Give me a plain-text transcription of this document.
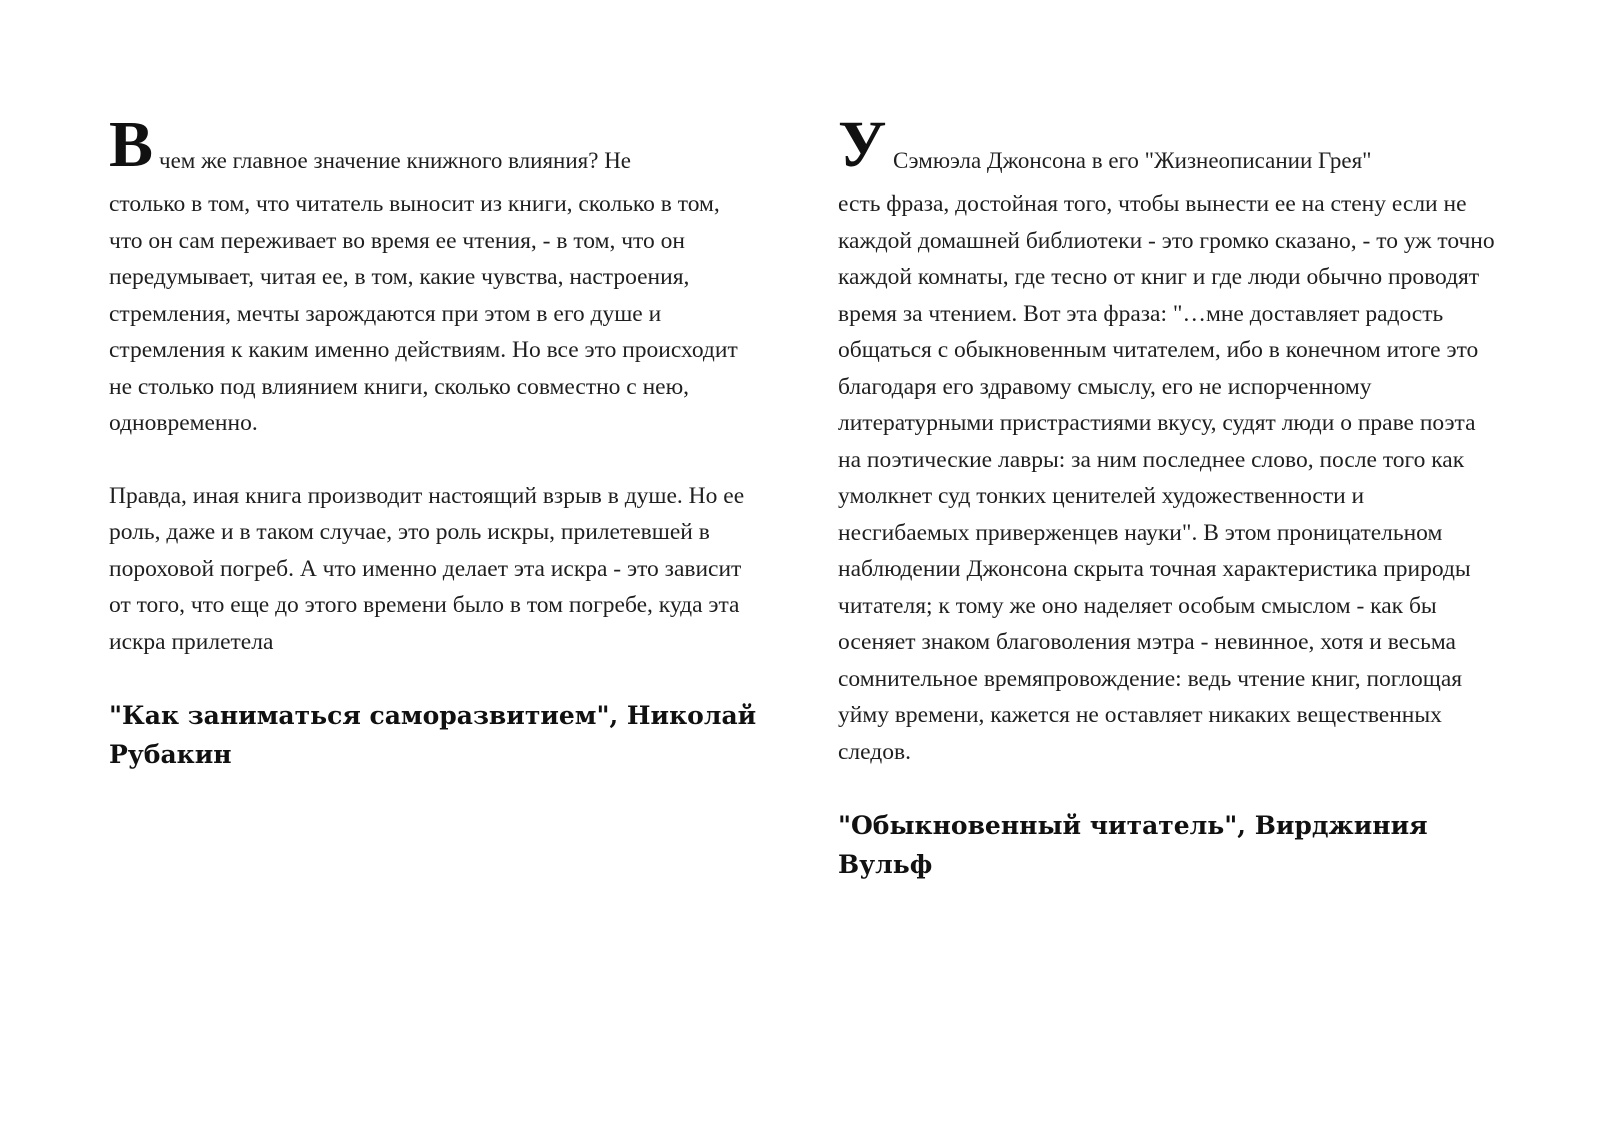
В чем же главное значение книжного влияния? Не

столько в том, что читатель выносит из книги, сколько в том, что он сам переживает во время ее чтения, - в том, что он передумывает, читая ее, в том, какие чувства, настроения, стремления, мечты зарождаются при этом в его душе и стремления к каким именно действиям. Но все это происходит не столько под влиянием книги, сколько совместно с нею, одновременно.

Правда, иная книга производит настоящий взрыв в душе. Но ее роль, даже и в таком случае, это роль искры, прилетевшей в пороховой погреб. А что именно делает эта искра - это зависит от того, что еще до этого времени было в том погребе, куда эта искра прилетела

"Как заниматься саморазвитием", Николай Рубакин

У Сэмюэла Джонсона в его "Жизнеописании Грея"

есть фраза, достойная того, чтобы вынести ее на стену если не каждой домашней библиотеки - это громко сказано, - то уж точно каждой комнаты, где тесно от книг и где люди обычно проводят время за чтением. Вот эта фраза: "…мне доставляет радость общаться с обыкновенным читателем, ибо в конечном итоге это благодаря его здравому смыслу, его не испорченному литературными пристрастиями вкусу, судят люди о праве поэта на поэтические лавры: за ним последнее слово, после того как умолкнет суд тонких ценителей художественности и несгибаемых приверженцев науки". В этом проницательном наблюдении Джонсона скрыта точная характеристика природы читателя; к тому же оно наделяет особым смыслом - как бы осеняет знаком благоволения мэтра - невинное, хотя и весьма сомнительное времяпровождение: ведь чтение книг, поглощая уйму времени, кажется не оставляет никаких вещественных следов.

"Обыкновенный читатель", Вирджиния Вульф
